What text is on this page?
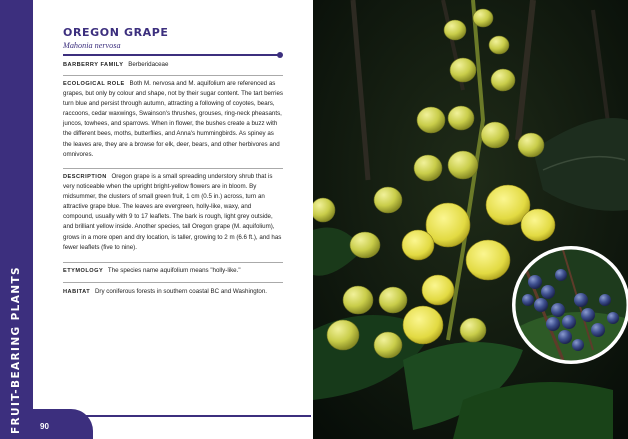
FRUIT-BEARING PLANTS 90
OREGON GRAPE
Mahonia nervosa
BARBERRY FAMILY Berberidaceae
ECOLOGICAL ROLE Both M. nervosa and M. aquifolium are referenced as grapes, but only by colour and shape, not by their sugar content. The tart berries turn blue and persist through autumn, attracting a following of coyotes, bears, raccoons, cedar waxwings, Swainson's thrushes, grouses, ring-neck pheasants, juncos, towhees, and sparrows. When in flower, the bushes create a buzz with the different bees, moths, butterflies, and Anna's hummingbirds. As spiney as the leaves are, they are a browse for elk, deer, bears, and other herbivores and omnivores.
DESCRIPTION Oregon grape is a small spreading understory shrub that is very noticeable when the upright bright-yellow flowers are in bloom. By midsummer, the clusters of small green fruit, 1 cm (0.5 in.) across, turn an attractive grape blue. The leaves are evergreen, holly-like, waxy, and compound, usually with 9 to 17 leaflets. The bark is rough, light grey outside, and brilliant yellow inside. Another species, tall Oregon grape (M. aquifolium), grows in a more open and dry location, is taller, growing to 2 m (6.6 ft.), and has fewer leaflets (five to nine).
ETYMOLOGY The species name aquifolium means "holly-like."
HABITAT Dry coniferous forests in southern coastal BC and Washington.
